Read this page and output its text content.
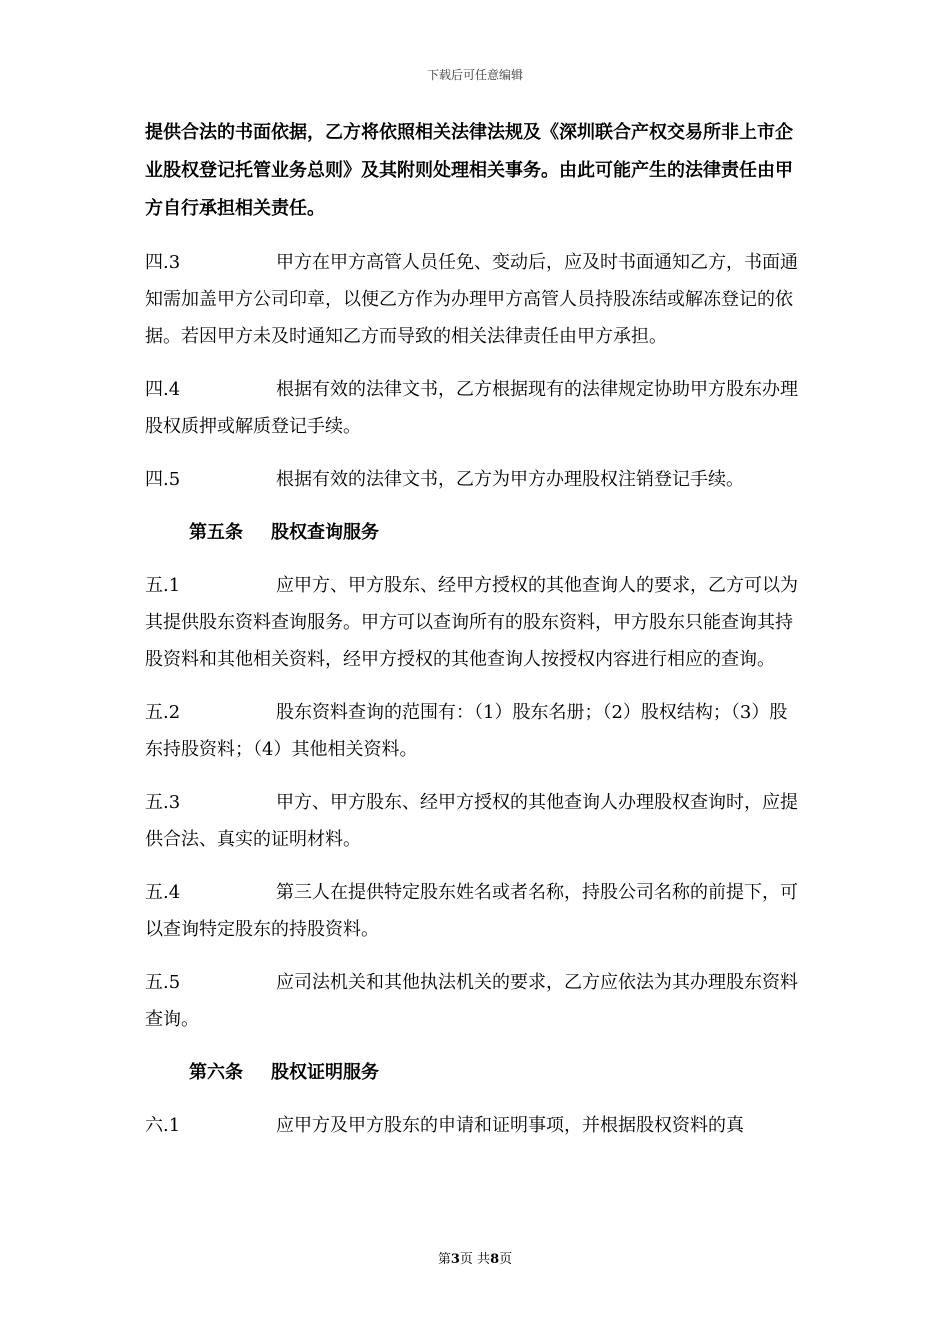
下载后可任意编辑

提供合法的书面依据，乙方将依照相关法律法规及《深圳联合产权交易所非上市企业股权登记托管业务总则》及其附则处理相关事务。由此可能产生的法律责任由甲方自行承担相关责任。

四.3	甲方在甲方高管人员任免、变动后，应及时书面通知乙方，书面通知需加盖甲方公司印章，以便乙方作为办理甲方高管人员持股冻结或解冻登记的依据。若因甲方未及时通知乙方而导致的相关法律责任由甲方承担。

四.4	根据有效的法律文书，乙方根据现有的法律规定协助甲方股东办理股权质押或解质登记手续。

四.5	根据有效的法律文书，乙方为甲方办理股权注销登记手续。

第五条 股权查询服务
五.1	应甲方、甲方股东、经甲方授权的其他查询人的要求，乙方可以为其提供股东资料查询服务。甲方可以查询所有的股东资料，甲方股东只能查询其持股资料和其他相关资料，经甲方授权的其他查询人按授权内容进行相应的查询。

五.2	股东资料查询的范围有：（1）股东名册；（2）股权结构；（3）股东持股资料；（4）其他相关资料。

五.3	甲方、甲方股东、经甲方授权的其他查询人办理股权查询时，应提供合法、真实的证明材料。

五.4	第三人在提供特定股东姓名或者名称，持股公司名称的前提下，可以查询特定股东的持股资料。

五.5	应司法机关和其他执法机关的要求，乙方应依法为其办理股东资料查询。

第六条 股权证明服务
六.1	应甲方及甲方股东的申请和证明事项，并根据股权资料的真

第3页 共8页
